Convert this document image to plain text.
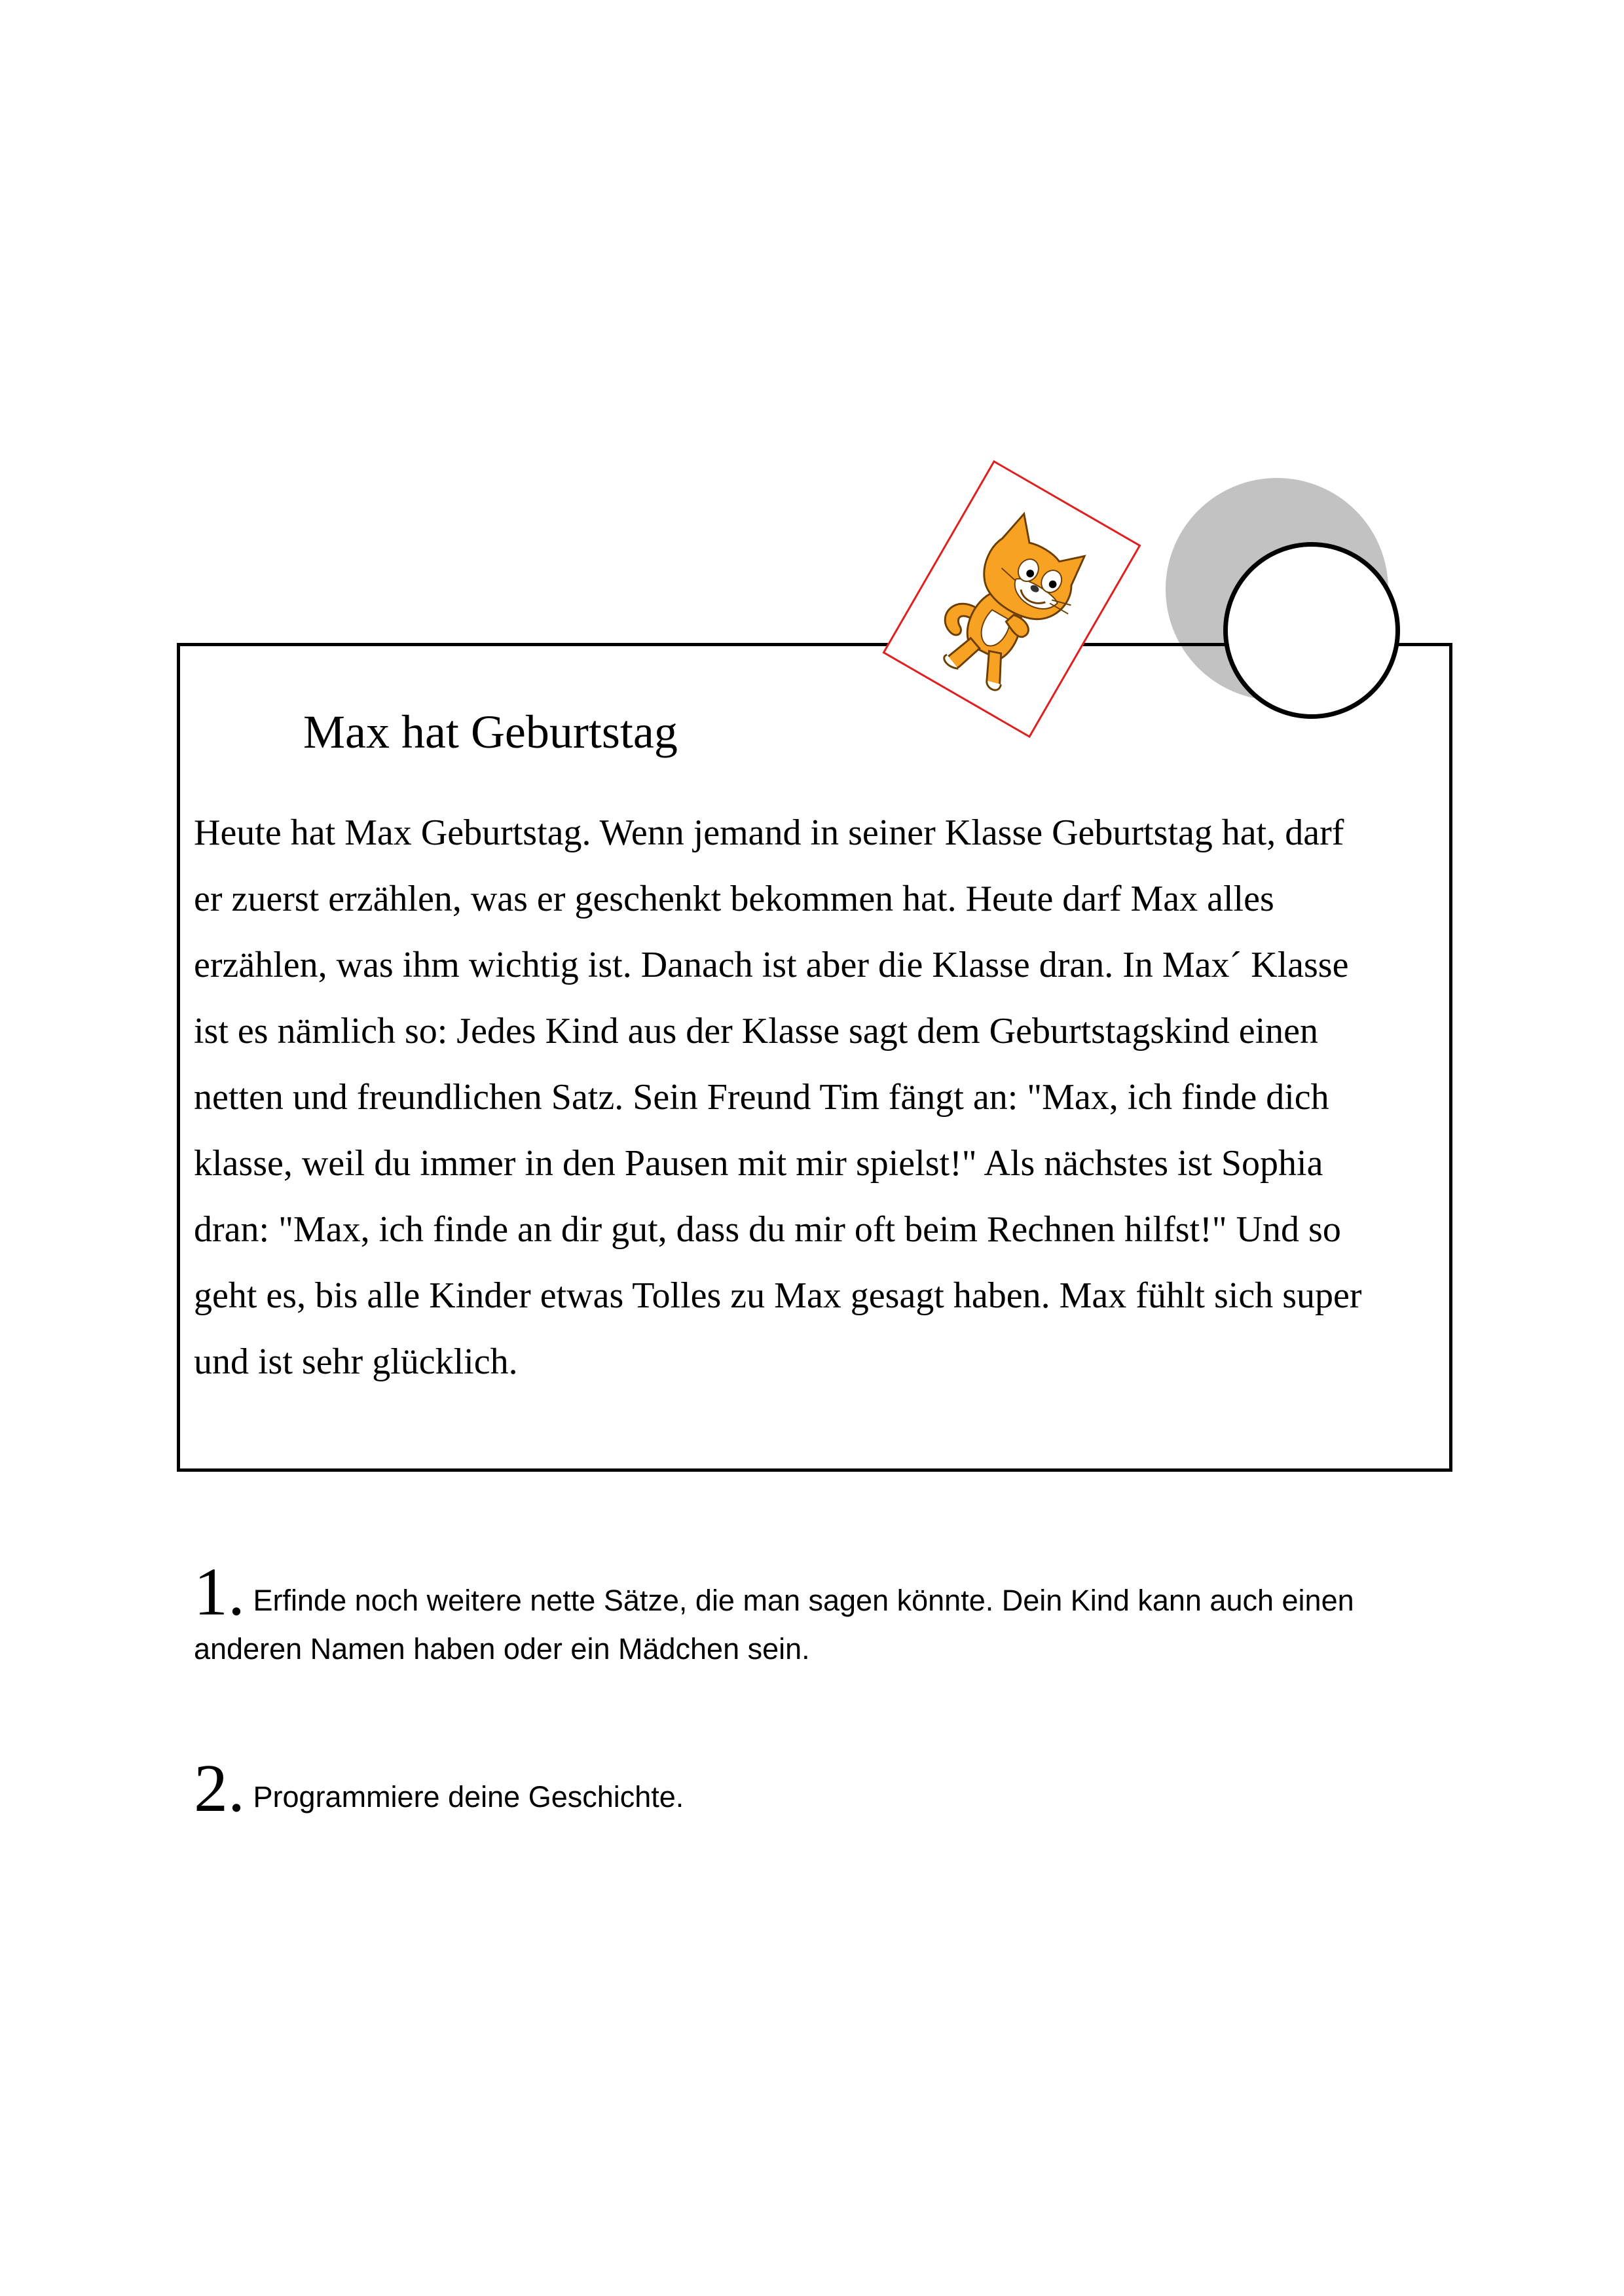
Max hat Geburtstag
Heute hat Max Geburtstag. Wenn jemand in seiner Klasse Geburtstag hat, darf
er zuerst erzählen, was er geschenkt bekommen hat. Heute darf Max alles
erzählen, was ihm wichtig ist. Danach ist aber die Klasse dran. In Max´ Klasse
ist es nämlich so: Jedes Kind aus der Klasse sagt dem Geburtstagskind einen
netten und freundlichen Satz. Sein Freund Tim fängt an: "Max, ich finde dich
klasse, weil du immer in den Pausen mit mir spielst!" Als nächstes ist Sophia
dran: "Max, ich finde an dir gut, dass du mir oft beim Rechnen hilfst!" Und so
geht es, bis alle Kinder etwas Tolles zu Max gesagt haben. Max fühlt sich super
und ist sehr glücklich.
1. Erfinde noch weitere nette Sätze, die man sagen könnte. Dein Kind kann auch einen
anderen Namen haben oder ein Mädchen sein.
2. Programmiere deine Geschichte.
